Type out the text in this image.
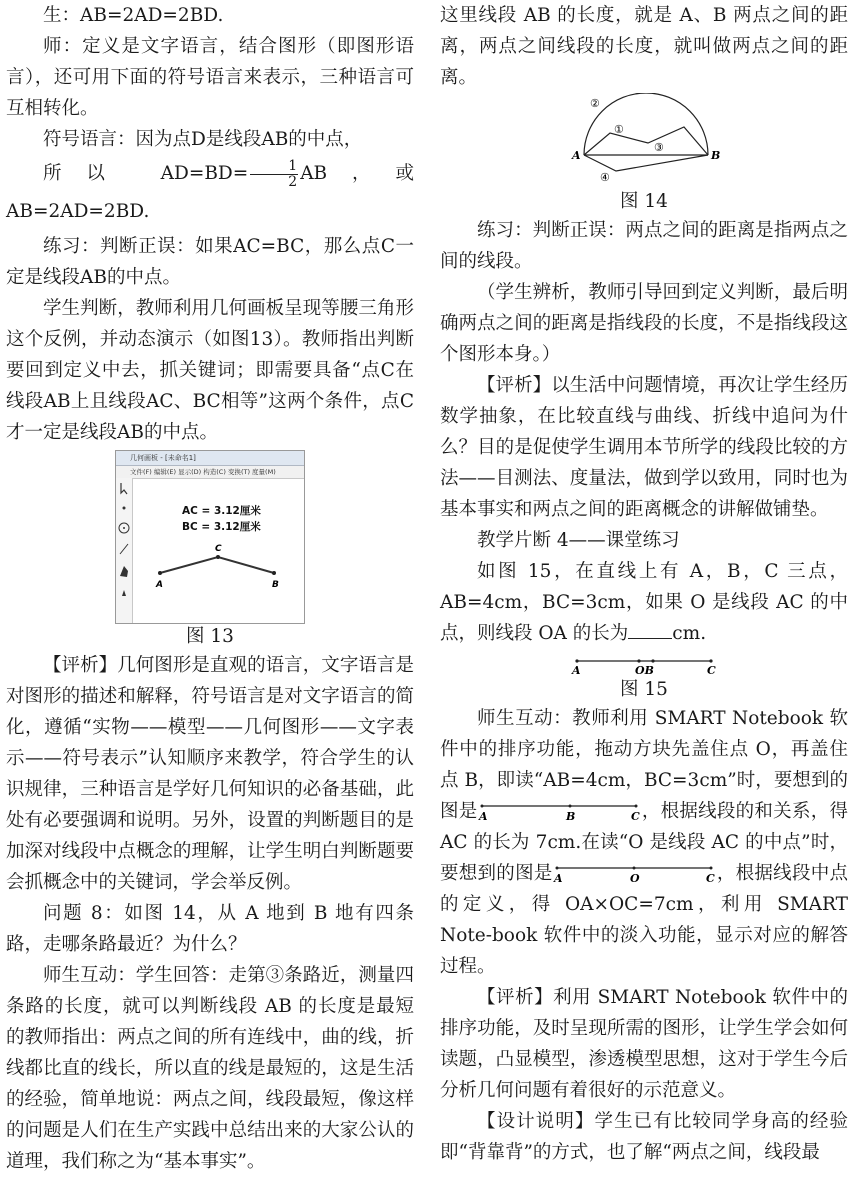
生：AB=2AD=2BD.

师：定义是文字语言，结合图形（即图形语言），还可用下面的符号语言来表示，三种语言可互相转化。

符号语言：因为点D是线段AB的中点，

所以 $AD=BD= \frac{1}{2}$ AB，或 AB=2AD=2BD.

练习：判断正误：如果AC=BC，那么点C一定是线段AB的中点。

学生判断，教师利用几何画板呈现等腰三角形这个反例，并动态演示（如图13）。教师指出判断要回到定义中去，抓关键词；即需要具备“点C在线段AB上且线段AC、BC相等”这两个条件，点C才一定是线段AB的中点。

几何画板 - [未命名1]
文件(F) 编辑(E) 显示(D) 构造(C) 变换(T) 度量(M)
AC = 3.12厘米
BC = 3.12厘米
A
C
B

图 13

【评析】几何图形是直观的语言，文字语言是对图形的描述和解释，符号语言是对文字语言的简化，遵循“实物——模型——几何图形——文字表示——符号表示”认知顺序来教学，符合学生的认识规律，三种语言是学好几何知识的必备基础，此处有必要强调和说明。另外，设置的判断题目的是加深对线段中点概念的理解，让学生明白判断题要会抓概念中的关键词，学会举反例。

问题 8：如图 14，从 A 地到 B 地有四条路，走哪条路最近？为什么？

师生互动：学生回答：走第③条路近，测量四条路的长度，就可以判断线段 AB 的长度是最短的教师指出：两点之间的所有连线中，曲的线，折线都比直的线长，所以直的线是最短的，这是生活的经验，简单地说：两点之间，线段最短，像这样的问题是人们在生产实践中总结出来的大家公认的道理，我们称之为“基本事实”。

这里线段 AB 的长度，就是 A、B 两点之间的距离，两点之间线段的长度，就叫做两点之间的距离。

A	B
①
②
③
④

图 14

练习：判断正误：两点之间的距离是指两点之间的线段。

（学生辨析，教师引导回到定义判断，最后明确两点之间的距离是指线段的长度，不是指线段这个图形本身。）

【评析】以生活中问题情境，再次让学生经历数学抽象，在比较直线与曲线、折线中追问为什么？目的是促使学生调用本节所学的线段比较的方法——目测法、度量法，做到学以致用，同时也为基本事实和两点之间的距离概念的讲解做铺垫。

教学片断 4——课堂练习

如图 15，在直线上有 A，B，C 三点，AB=4cm，BC=3cm，如果 O 是线段 AC 的中点，则线段 OA 的长为 cm.

A	OB	C

图 15

师生互动：教师利用 SMART Notebook 软件中的排序功能，拖动方块先盖住点 O，再盖住点 B，即读“AB=4cm，BC=3cm”时，要想到的图是 A	B	C ，根据线段的和关系，得 AC 的长为 7cm.在读“O 是线段 AC 的中点”时，要想到的图是 A	O	C ，根据线段中点的定义，得 OA×OC=7cm，利用 SMART Note-book 软件中的淡入功能，显示对应的解答过程。

【评析】利用 SMART Notebook 软件中的排序功能，及时呈现所需的图形，让学生学会如何读题，凸显模型，渗透模型思想，这对于学生今后分析几何问题有着很好的示范意义。

【设计说明】学生已有比较同学身高的经验即“背靠背”的方式，也了解“两点之间，线段最
